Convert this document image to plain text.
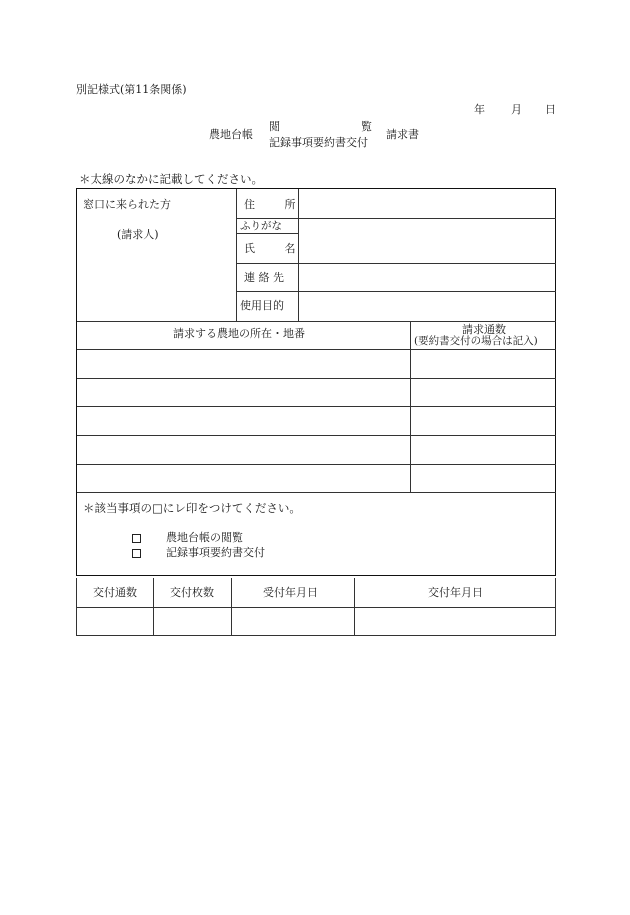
別記様式(第11条関係)
年 月 日
農地台帳
閲	覧
記録事項要約書交付
請求書
＊太線のなかに記載してください。
窓口に来られた方
(請求人)
住	所
ふりがな
氏	名
連 絡 先
使用目的
請求する農地の所在・地番	請求通数
(要約書交付の場合は記入)
＊該当事項の□にレ印をつけてください。
農地台帳の閲覧
記録事項要約書交付
交付通数	交付枚数	受付年月日	交付年月日
